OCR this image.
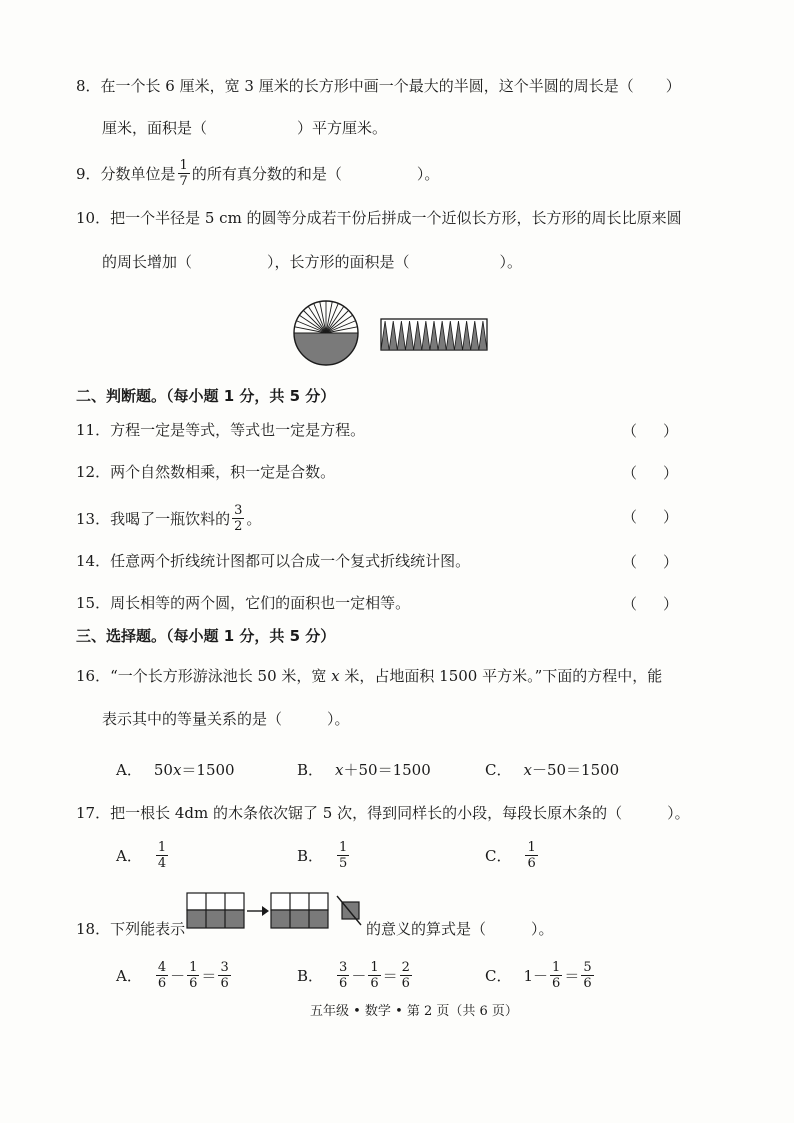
8．在一个长 6 厘米，宽 3 厘米的长方形中画一个最大的半圆，这个半圆的周长是（ ）
厘米，面积是（　　　　　　）平方厘米。
9．分数单位是 $\frac{1}{7}$ 的所有真分数的和是（　　　　　）。
10．把一个半径是 5 cm 的圆等分成若干份后拼成一个近似长方形，长方形的周长比原来圆
的周长增加（　　　　　），长方形的面积是（　　　　　　）。
二、判断题。（每小题 1 分，共 5 分）
11．方程一定是等式，等式也一定是方程。	（ ）
12．两个自然数相乘，积一定是合数。	（ ）
13．我喝了一瓶饮料的 $\frac{3}{2}$ 。	（ ）
14．任意两个折线统计图都可以合成一个复式折线统计图。	（ ）
15．周长相等的两个圆，它们的面积也一定相等。	（ ）
三、选择题。（每小题 1 分，共 5 分）
16．“一个长方形游泳池长 50 米，宽 x 米，占地面积 1500 平方米。”下面的方程中，能
表示其中的等量关系的是（　　　）。
A． 50x＝1500	B． x＋50＝1500	C． x－50＝1500
17．把一根长 4dm 的木条依次锯了 5 次，得到同样长的小段，每段长原木条的（　　　）。
A． $\frac{1}{4}$	B． $\frac{1}{5}$	C． $\frac{1}{6}$
18．下列能表示	的意义的算式是（　　　）。
A． $\frac{4}{6} - \frac{1}{6} = \frac{3}{6}$	B． $\frac{3}{6} - \frac{1}{6} = \frac{2}{6}$	C． $1 - \frac{1}{6} = \frac{5}{6}$
五年级 • 数学 • 第 2 页（共 6 页）
